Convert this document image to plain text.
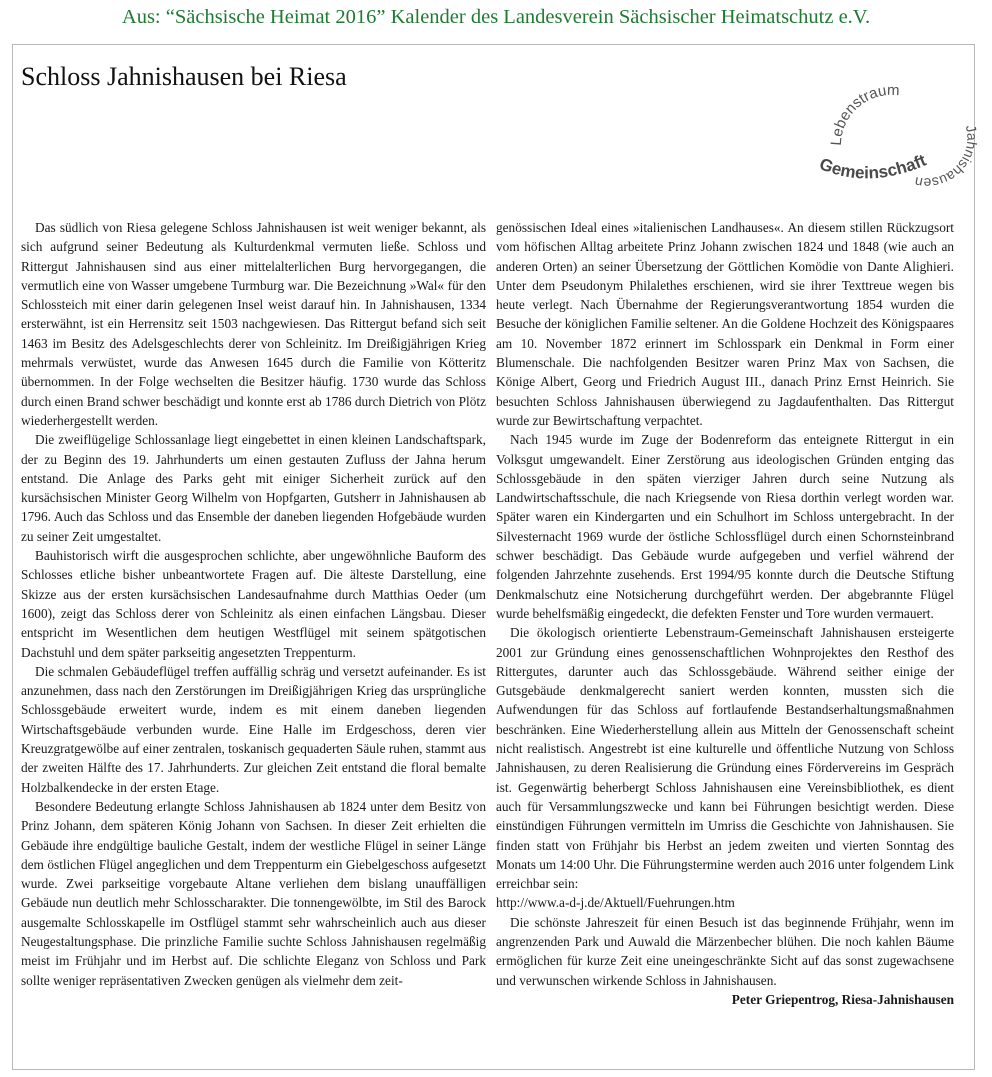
Aus: “Sächsische Heimat 2016” Kalender des Landesverein Sächsischer Heimatschutz e.V.
Schloss Jahnishausen bei Riesa
Lebenstraum
Jahnishausen
Gemeinschaft

Das südlich von Riesa gelegene Schloss Jahnishausen ist weit weniger bekannt, als sich aufgrund seiner Bedeutung als Kulturdenkmal vermuten ließe. Schloss und Rittergut Jahnishausen sind aus einer mittelalterlichen Burg hervorgegangen, die vermutlich eine von Wasser umgebene Turmburg war. Die Bezeichnung »Wal« für den Schlossteich mit einer darin gelegenen Insel weist darauf hin. In Jahnishausen, 1334 ersterwähnt, ist ein Herrensitz seit 1503 nachgewiesen. Das Rittergut befand sich seit 1463 im Besitz des Adelsgeschlechts derer von Schleinitz. Im Dreißigjährigen Krieg mehrmals verwüstet, wurde das Anwesen 1645 durch die Familie von Kötteritz übernommen. In der Folge wechselten die Besitzer häufig. 1730 wurde das Schloss durch einen Brand schwer beschädigt und konnte erst ab 1786 durch Dietrich von Plötz wiederhergestellt werden.

Die zweiflügelige Schlossanlage liegt eingebettet in einen kleinen Landschaftspark, der zu Beginn des 19. Jahrhunderts um einen gestauten Zufluss der Jahna herum entstand. Die Anlage des Parks geht mit einiger Sicherheit zurück auf den kursächsischen Minister Georg Wilhelm von Hopfgarten, Gutsherr in Jahnishausen ab 1796. Auch das Schloss und das Ensemble der daneben liegenden Hofgebäude wurden zu seiner Zeit umgestaltet.

Bauhistorisch wirft die ausgesprochen schlichte, aber ungewöhnliche Bauform des Schlosses etliche bisher unbeantwortete Fragen auf. Die älteste Darstellung, eine Skizze aus der ersten kursächsischen Landesaufnahme durch Matthias Oeder (um 1600), zeigt das Schloss derer von Schleinitz als einen einfachen Längsbau. Dieser entspricht im Wesentlichen dem heutigen Westflügel mit seinem spätgotischen Dachstuhl und dem später parkseitig angesetzten Treppenturm.

Die schmalen Gebäudeflügel treffen auffällig schräg und versetzt aufeinander. Es ist anzunehmen, dass nach den Zerstörungen im Dreißigjährigen Krieg das ursprüngliche Schlossgebäude erweitert wurde, indem es mit einem daneben liegenden Wirtschaftsgebäude verbunden wurde. Eine Halle im Erdgeschoss, deren vier Kreuzgratgewölbe auf einer zentralen, toskanisch gequaderten Säule ruhen, stammt aus der zweiten Hälfte des 17. Jahrhunderts. Zur gleichen Zeit entstand die floral bemalte Holzbalkendecke in der ersten Etage.

Besondere Bedeutung erlangte Schloss Jahnishausen ab 1824 unter dem Besitz von Prinz Johann, dem späteren König Johann von Sachsen. In dieser Zeit erhielten die Gebäude ihre endgültige bauliche Gestalt, indem der westliche Flügel in seiner Länge dem östlichen Flügel angeglichen und dem Treppenturm ein Giebelgeschoss aufgesetzt wurde. Zwei parkseitige vorgebaute Altane verliehen dem bislang unauffälligen Gebäude nun deutlich mehr Schlosscharakter. Die tonnengewölbte, im Stil des Barock ausgemalte Schlosskapelle im Ostflügel stammt sehr wahrscheinlich auch aus dieser Neugestaltungsphase. Die prinzliche Familie suchte Schloss Jahnishausen regelmäßig meist im Frühjahr und im Herbst auf. Die schlichte Eleganz von Schloss und Park sollte weniger repräsentativen Zwecken genügen als vielmehr dem zeit-

genössischen Ideal eines »italienischen Landhauses«. An diesem stillen Rückzugsort vom höfischen Alltag arbeitete Prinz Johann zwischen 1824 und 1848 (wie auch an anderen Orten) an seiner Übersetzung der Göttlichen Komödie von Dante Alighieri. Unter dem Pseudonym Philalethes erschienen, wird sie ihrer Texttreue wegen bis heute verlegt. Nach Übernahme der Regierungsverantwortung 1854 wurden die Besuche der königlichen Familie seltener. An die Goldene Hochzeit des Königspaares am 10. November 1872 erinnert im Schlosspark ein Denkmal in Form einer Blumenschale. Die nachfolgenden Besitzer waren Prinz Max von Sachsen, die Könige Albert, Georg und Friedrich August III., danach Prinz Ernst Heinrich. Sie besuchten Schloss Jahnishausen überwiegend zu Jagdaufenthalten. Das Rittergut wurde zur Bewirtschaftung verpachtet.

Nach 1945 wurde im Zuge der Bodenreform das enteignete Rittergut in ein Volksgut umgewandelt. Einer Zerstörung aus ideologischen Gründen entging das Schlossgebäude in den späten vierziger Jahren durch seine Nutzung als Landwirtschaftsschule, die nach Kriegsende von Riesa dorthin verlegt worden war. Später waren ein Kindergarten und ein Schulhort im Schloss untergebracht. In der Silvesternacht 1969 wurde der östliche Schlossflügel durch einen Schornsteinbrand schwer beschädigt. Das Gebäude wurde aufgegeben und verfiel während der folgenden Jahrzehnte zusehends. Erst 1994/95 konnte durch die Deutsche Stiftung Denkmalschutz eine Notsicherung durchgeführt werden. Der abgebrannte Flügel wurde behelfsmäßig eingedeckt, die defekten Fenster und Tore wurden vermauert.

Die ökologisch orientierte Lebenstraum-Gemeinschaft Jahnishausen ersteigerte 2001 zur Gründung eines genossenschaftlichen Wohnprojektes den Resthof des Rittergutes, darunter auch das Schlossgebäude. Während seither einige der Gutsgebäude denkmalgerecht saniert werden konnten, mussten sich die Aufwendungen für das Schloss auf fortlaufende Bestandserhaltungsmaßnahmen beschränken. Eine Wiederherstellung allein aus Mitteln der Genossenschaft scheint nicht realistisch. Angestrebt ist eine kulturelle und öffentliche Nutzung von Schloss Jahnishausen, zu deren Realisierung die Gründung eines Fördervereins im Gespräch ist. Gegenwärtig beherbergt Schloss Jahnishausen eine Vereinsbibliothek, es dient auch für Versammlungszwecke und kann bei Führungen besichtigt werden. Diese einstündigen Führungen vermitteln im Umriss die Geschichte von Jahnishausen. Sie finden statt von Frühjahr bis Herbst an jedem zweiten und vierten Sonntag des Monats um 14:00 Uhr. Die Führungstermine werden auch 2016 unter folgendem Link erreichbar sein:

http://www.a-d-j.de/Aktuell/Fuehrungen.htm

Die schönste Jahreszeit für einen Besuch ist das beginnende Frühjahr, wenn im angrenzenden Park und Auwald die Märzenbecher blühen. Die noch kahlen Bäume ermöglichen für kurze Zeit eine uneingeschränkte Sicht auf das sonst zugewachsene und verwunschen wirkende Schloss in Jahnishausen.

Peter Griepentrog, Riesa-Jahnishausen
